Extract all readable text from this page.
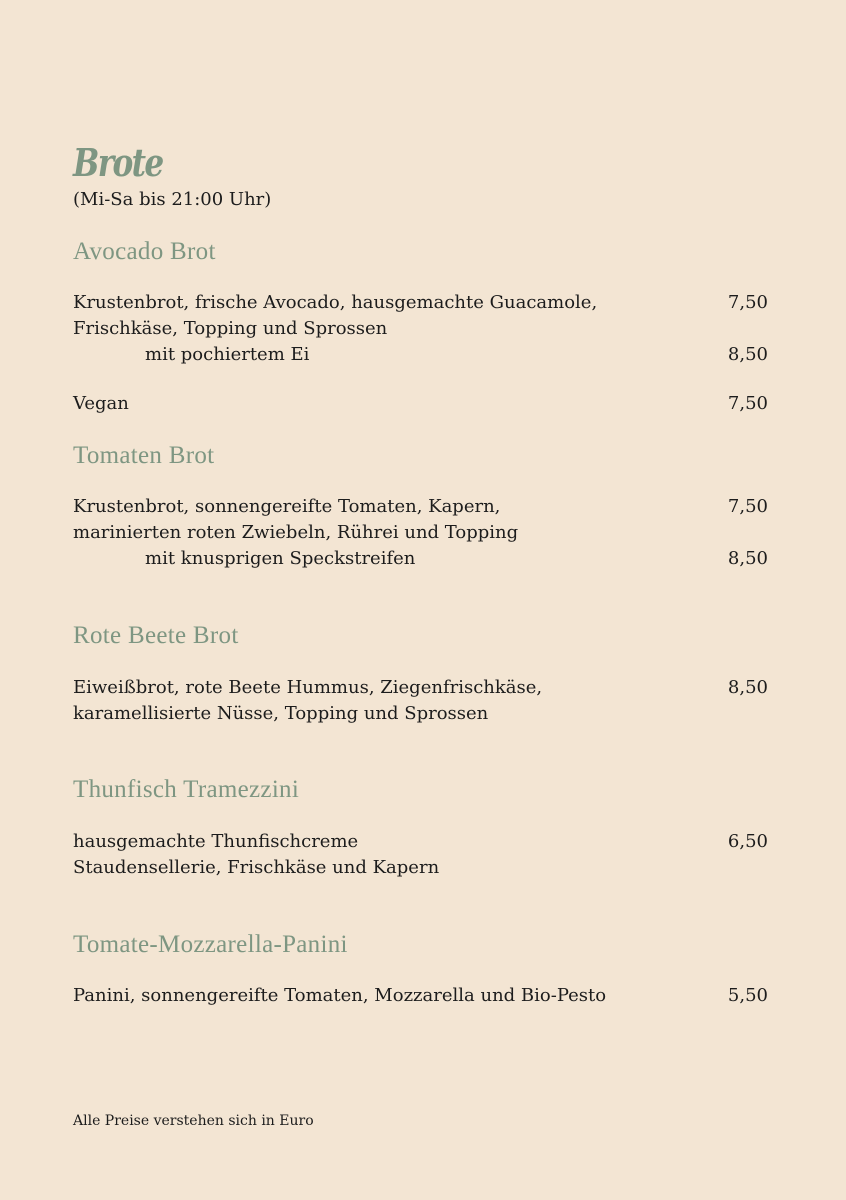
Brote
(Mi-Sa bis 21:00 Uhr)
Avocado Brot
Krustenbrot, frische Avocado, hausgemachte Guacamole,	7,50
Frischkäse, Topping und Sprossen
mit pochiertem Ei	8,50
Vegan	7,50
Tomaten Brot
Krustenbrot, sonnengereifte Tomaten, Kapern,	7,50
marinierten roten Zwiebeln, Rührei und Topping
mit knusprigen Speckstreifen	8,50
Rote Beete Brot
Eiweißbrot, rote Beete Hummus, Ziegenfrischkäse,	8,50
karamellisierte Nüsse, Topping und Sprossen
Thunfisch Tramezzini
hausgemachte Thunfischcreme	6,50
Staudensellerie, Frischkäse und Kapern
Tomate-Mozzarella-Panini
Panini, sonnengereifte Tomaten, Mozzarella und Bio-Pesto	5,50
Alle Preise verstehen sich in Euro
